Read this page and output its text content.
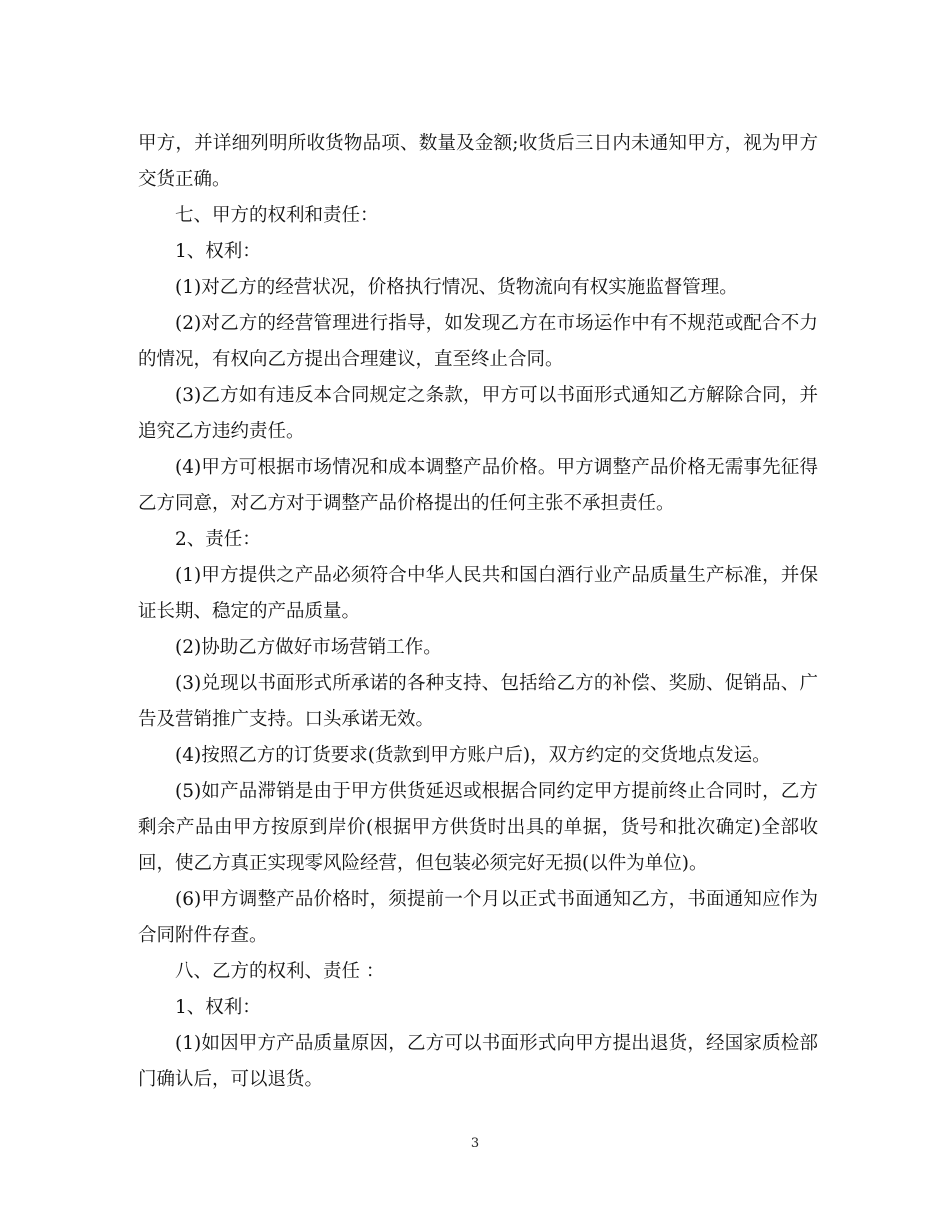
甲方，并详细列明所收货物品项、数量及金额;收货后三日内未通知甲方，视为甲方交货正确。

七、甲方的权利和责任：

1、权利：

(1)对乙方的经营状况，价格执行情况、货物流向有权实施监督管理。

(2)对乙方的经营管理进行指导，如发现乙方在市场运作中有不规范或配合不力的情况，有权向乙方提出合理建议，直至终止合同。

(3)乙方如有违反本合同规定之条款，甲方可以书面形式通知乙方解除合同，并追究乙方违约责任。

(4)甲方可根据市场情况和成本调整产品价格。甲方调整产品价格无需事先征得乙方同意，对乙方对于调整产品价格提出的任何主张不承担责任。

2、责任：

(1)甲方提供之产品必须符合中华人民共和国白酒行业产品质量生产标准，并保证长期、稳定的产品质量。

(2)协助乙方做好市场营销工作。

(3)兑现以书面形式所承诺的各种支持、包括给乙方的补偿、奖励、促销品、广告及营销推广支持。口头承诺无效。

(4)按照乙方的订货要求(货款到甲方账户后)，双方约定的交货地点发运。

(5)如产品滞销是由于甲方供货延迟或根据合同约定甲方提前终止合同时，乙方剩余产品由甲方按原到岸价(根据甲方供货时出具的单据，货号和批次确定)全部收回，使乙方真正实现零风险经营，但包装必须完好无损(以件为单位)。

(6)甲方调整产品价格时，须提前一个月以正式书面通知乙方，书面通知应作为合同附件存查。

八、乙方的权利、责任 ：

1、权利：

(1)如因甲方产品质量原因，乙方可以书面形式向甲方提出退货，经国家质检部门确认后，可以退货。

3
